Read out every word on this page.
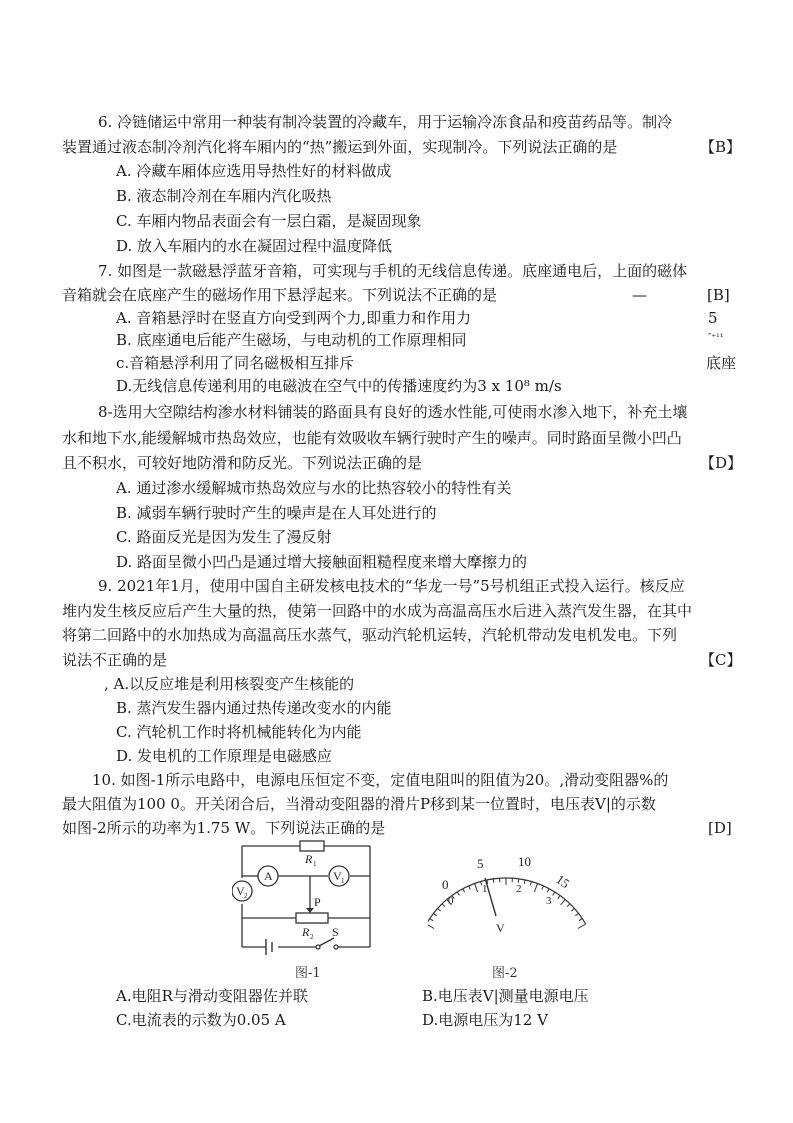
6. 冷链储运中常用一种装有制冷装置的冷藏车，用于运输冷冻食品和疫苗药品等。制冷
装置通过液态制冷剂汽化将车厢内的“热”搬运到外面，实现制冷。下列说法正确的是	【B】
A. 冷藏车厢体应选用导热性好的材料做成
B. 液态制冷剂在车厢内汽化吸热
C. 车厢内物品表面会有一层白霜，是凝固现象
D. 放入车厢内的水在凝固过程中温度降低
7. 如图是一款磁悬浮蓝牙音箱，可实现与手机的无线信息传递。底座通电后，上面的磁体
音箱就会在底座产生的磁场作用下悬浮起来。下列说法不正确的是	—	[B]
A. 音箱悬浮时在竖直方向受到两个力,即重力和作用力	5
B. 底座通电后能产生磁场，与电动机的工作原理相同	″⁺¹¹
c.音箱悬浮利用了同名磁极相互排斥	底座
D.无线信息传递利用的电磁波在空气中的传播速度约为3 x 10⁸ m/s
8-选用大空隙结构渗水材料铺装的路面具有良好的透水性能,可使雨水渗入地下，补充土壤
水和地下水,能缓解城市热岛效应，也能有效吸收车辆行驶时产生的噪声。同时路面呈微小凹凸
且不积水，可较好地防滑和防反光。下列说法正确的是	【D】
A. 通过渗水缓解城市热岛效应与水的比热容较小的特性有关
B. 减弱车辆行驶时产生的噪声是在人耳处进行的
C. 路面反光是因为发生了漫反射
D. 路面呈微小凹凸是通过增大接触面粗糙程度来增大摩擦力的
9. 2021年1月，使用中国自主研发核电技术的“华龙一号”5号机组正式投入运行。核反应
堆内发生核反应后产生大量的热，使第一回路中的水成为高温高压水后进入蒸汽发生器，在其中
将第二回路中的水加热成为高温高压水蒸气，驱动汽轮机运转，汽轮机带动发电机发电。下列
说法不正确的是	【C】
, A.以反应堆是利用核裂变产生核能的
B. 蒸汽发生器内通过热传递改变水的内能
C. 汽轮机工作时将机械能转化为内能
D. 发电机的工作原理是电磁感应
10. 如图-1所示电路中，电源电压恒定不变，定值电阻叫的阻值为20。,滑动变阻器%的
最大阻值为100 0。开关闭合后，当滑动变阻器的滑片P移到某一位置时，电压表V|的示数
如图-2所示的功率为1.75 W。下列说法正确的是	[D]
A	V 1
V 2
R 1
R 2
P
S
图-1
0
5	10
15
0
1	2
3
V
图-2
A.电阻R与滑动变阻器佐并联	B.电压表V|测量电源电压
C.电流表的示数为0.05 A	D.电源电压为12 V
